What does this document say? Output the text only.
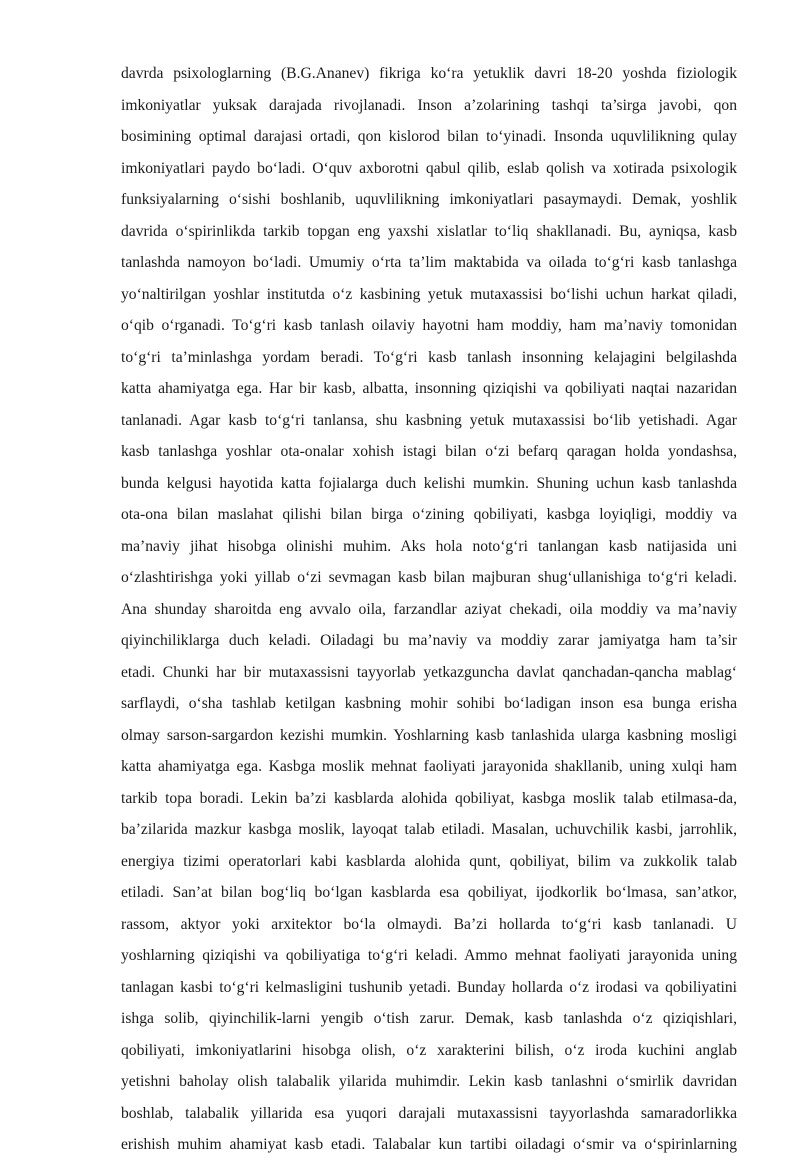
davrda psixologlarning (B.G.Ananev) fikriga ko‘ra yetuklik davri 18-20 yoshda fiziologik
imkoniyatlar yuksak darajada rivojlanadi. Inson a’zolarining tashqi ta’sirga javobi, qon
bosimining optimal darajasi ortadi, qon kislorod bilan to‘yinadi. Insonda uquvlilikning qulay
imkoniyatlari paydo bo‘ladi. O‘quv axborotni qabul qilib, eslab qolish va xotirada psixologik
funksiyalarning o‘sishi boshlanib, uquvlilikning imkoniyatlari pasaymaydi. Demak, yoshlik
davrida o‘spirinlikda tarkib topgan eng yaxshi xislatlar to‘liq shakllanadi. Bu, ayniqsa, kasb
tanlashda namoyon bo‘ladi. Umumiy o‘rta ta’lim maktabida va oilada to‘g‘ri kasb tanlashga
yo‘naltirilgan yoshlar institutda o‘z kasbining yetuk mutaxassisi bo‘lishi uchun harkat qiladi,
o‘qib o‘rganadi. To‘g‘ri kasb tanlash oilaviy hayotni ham moddiy, ham ma’naviy tomonidan
to‘g‘ri ta’minlashga yordam beradi. To‘g‘ri kasb tanlash insonning kelajagini belgilashda
katta ahamiyatga ega. Har bir kasb, albatta, insonning qiziqishi va qobiliyati naqtai nazaridan
tanlanadi. Agar kasb to‘g‘ri tanlansa, shu kasbning yetuk mutaxassisi bo‘lib yetishadi. Agar
kasb tanlashga yoshlar ota-onalar xohish istagi bilan o‘zi befarq qaragan holda yondashsa,
bunda kelgusi hayotida katta fojialarga duch kelishi mumkin. Shuning uchun kasb tanlashda
ota-ona bilan maslahat qilishi bilan birga o‘zining qobiliyati, kasbga loyiqligi, moddiy va
ma’naviy jihat hisobga olinishi muhim. Aks hola noto‘g‘ri tanlangan kasb natijasida uni
o‘zlashtirishga yoki yillab o‘zi sevmagan kasb bilan majburan shug‘ullanishiga to‘g‘ri keladi.
Ana shunday sharoitda eng avvalo oila, farzandlar aziyat chekadi, oila moddiy va ma’naviy
qiyinchiliklarga duch keladi. Oiladagi bu ma’naviy va moddiy zarar jamiyatga ham ta’sir
etadi. Chunki har bir mutaxassisni tayyorlab yetkazguncha davlat qanchadan-qancha mablag‘
sarflaydi, o‘sha tashlab ketilgan kasbning mohir sohibi bo‘ladigan inson esa bunga erisha
olmay sarson-sargardon kezishi mumkin. Yoshlarning kasb tanlashida ularga kasbning mosligi
katta ahamiyatga ega. Kasbga moslik mehnat faoliyati jarayonida shakllanib, uning xulqi ham
tarkib topa boradi. Lekin ba’zi kasblarda alohida qobiliyat, kasbga moslik talab etilmasa-da,
ba’zilarida mazkur kasbga moslik, layoqat talab etiladi. Masalan, uchuvchilik kasbi, jarrohlik,
energiya tizimi operatorlari kabi kasblarda alohida qunt, qobiliyat, bilim va zukkolik talab
etiladi. San’at bilan bog‘liq bo‘lgan kasblarda esa qobiliyat, ijodkorlik bo‘lmasa, san’atkor,
rassom, aktyor yoki arxitektor bo‘la olmaydi. Ba’zi hollarda to‘g‘ri kasb tanlanadi. U
yoshlarning qiziqishi va qobiliyatiga to‘g‘ri keladi. Ammo mehnat faoliyati jarayonida uning
tanlagan kasbi to‘g‘ri kelmasligini tushunib yetadi. Bunday hollarda o‘z irodasi va qobiliyatini
ishga solib, qiyinchilik-larni yengib o‘tish zarur. Demak, kasb tanlashda o‘z qiziqishlari,
qobiliyati, imkoniyatlarini hisobga olish, o‘z xarakterini bilish, o‘z iroda kuchini anglab
yetishni baholay olish talabalik yilarida muhimdir. Lekin kasb tanlashni o‘smirlik davridan
boshlab, talabalik yillarida esa yuqori darajali mutaxassisni tayyorlashda samaradorlikka
erishish muhim ahamiyat kasb etadi. Talabalar kun tartibi oiladagi o‘smir va o‘spirinlarning
